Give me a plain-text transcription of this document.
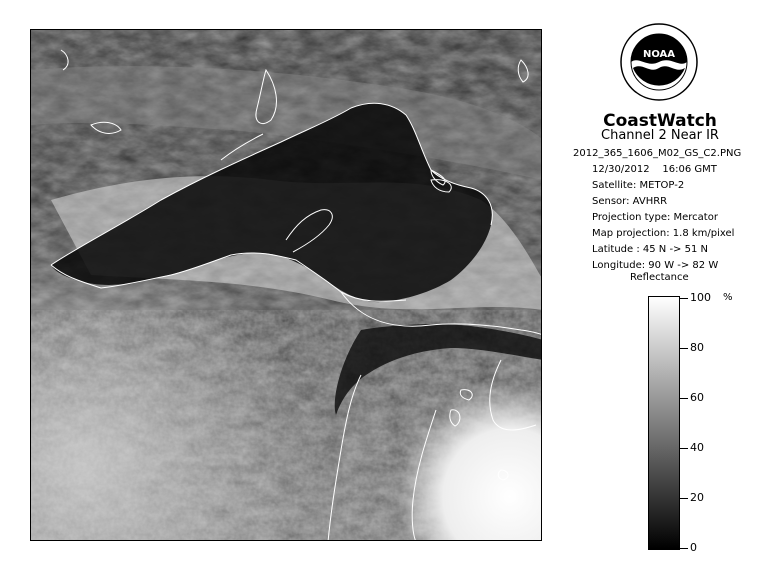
NOAA
CoastWatch
Channel 2 Near IR
2012_365_1606_M02_GS_C2.PNG
12/30/2012 16:06 GMT
Satellite: METOP-2
Sensor: AVHRR
Projection type: Mercator
Map projection: 1.8 km/pixel
Latitude : 45 N -> 51 N
Longitude: 90 W -> 82 W
Reflectance
%
100
80
60
40
20
0
